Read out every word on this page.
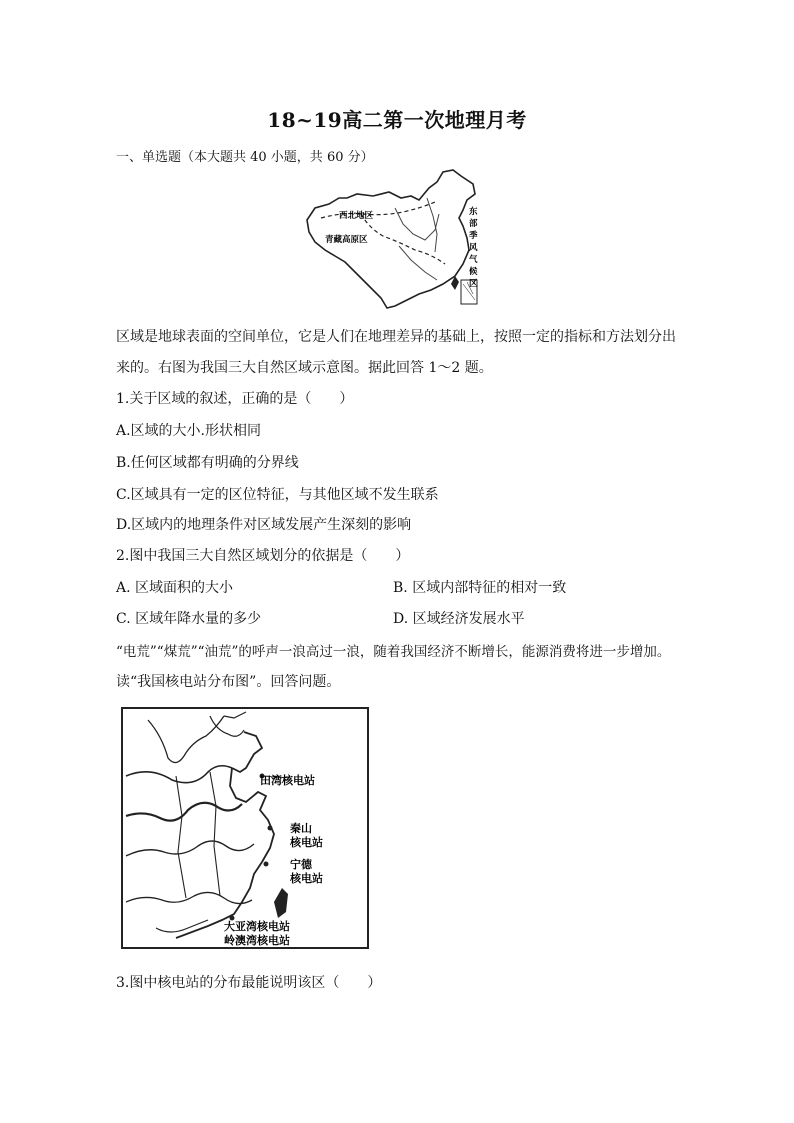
18~19高二第一次地理月考
一、单选题（本大题共 40 小题，共 60 分）
西北地区
青藏高原区
东
部
季
风
气
候
区
区域是地球表面的空间单位，它是人们在地理差异的基础上，按照一定的指标和方法划分出
来的。右图为我国三大自然区域示意图。据此回答 1～2 题。
1.关于区域的叙述，正确的是（　　）
A.区域的大小.形状相同
B.任何区域都有明确的分界线
C.区域具有一定的区位特征，与其他区域不发生联系
D.区域内的地理条件对区域发展产生深刻的影响
2.图中我国三大自然区域划分的依据是（　　）
A. 区域面积的大小	B. 区域内部特征的相对一致
C. 区域年降水量的多少	D. 区域经济发展水平
“电荒”“煤荒”“油荒”的呼声一浪高过一浪，随着我国经济不断增长，能源消费将进一步增加。
读“我国核电站分布图”。回答问题。
田湾核电站
秦山
核电站
宁德
核电站
大亚湾核电站
岭澳湾核电站
3.图中核电站的分布最能说明该区（　　）
